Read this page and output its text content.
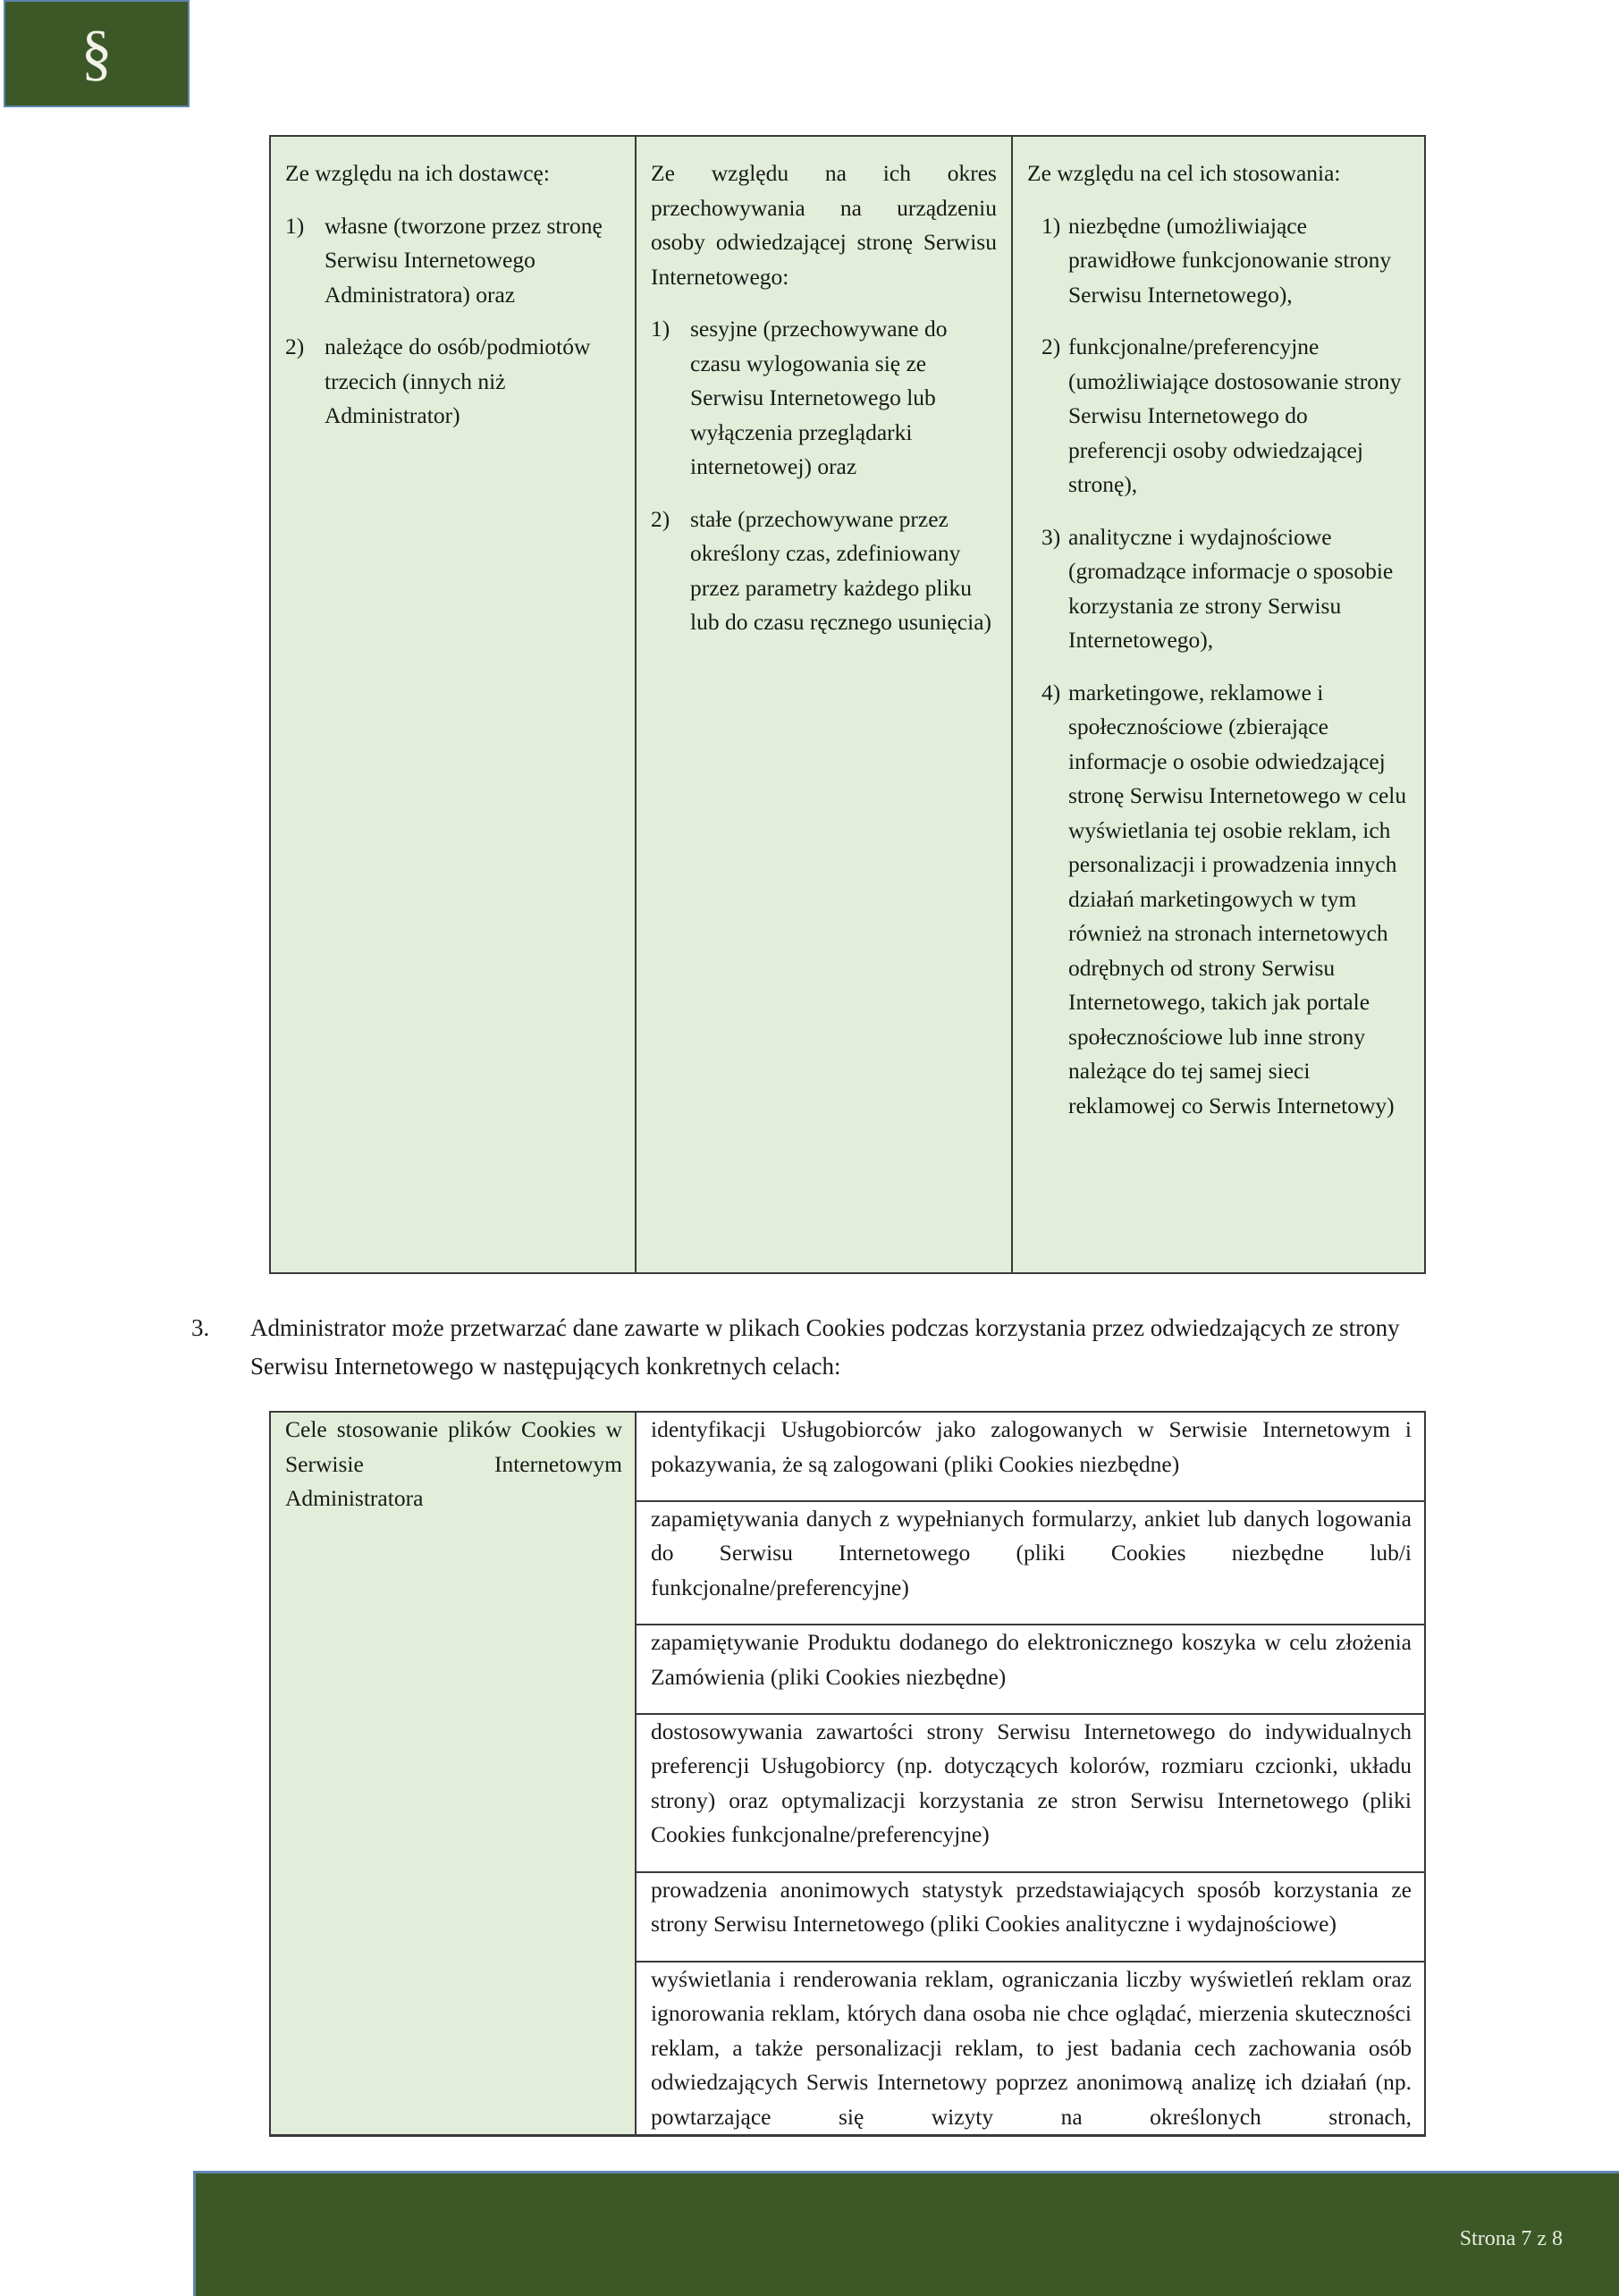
§

Ze względu na ich dostawcę:

1) własne (tworzone przez stronę Serwisu Internetowego Administratora) oraz
2) należące do osób/podmiotów trzecich (innych niż Administrator)

Ze względu na ich okres przechowywania na urządzeniu osoby odwiedzającej stronę Serwisu Internetowego:

1) sesyjne (przechowywane do czasu wylogowania się ze Serwisu Internetowego lub wyłączenia przeglądarki internetowej) oraz
2) stałe (przechowywane przez określony czas, zdefiniowany przez parametry każdego pliku lub do czasu ręcznego usunięcia)

Ze względu na cel ich stosowania:

1) niezbędne (umożliwiające prawidłowe funkcjonowanie strony Serwisu Internetowego),
2) funkcjonalne/preferencyjne (umożliwiające dostosowanie strony Serwisu Internetowego do preferencji osoby odwiedzającej stronę),
3) analityczne i wydajnościowe (gromadzące informacje o sposobie korzystania ze strony Serwisu Internetowego),
4) marketingowe, reklamowe i społecznościowe (zbierające informacje o osobie odwiedzającej stronę Serwisu Internetowego w celu wyświetlania tej osobie reklam, ich personalizacji i prowadzenia innych działań marketingowych w tym również na stronach internetowych odrębnych od strony Serwisu Internetowego, takich jak portale społecznościowe lub inne strony należące do tej samej sieci reklamowej co Serwis Internetowy)
3.	Administrator może przetwarzać dane zawarte w plikach Cookies podczas korzystania przez odwiedzających ze strony Serwisu Internetowego w następujących konkretnych celach:
Cele stosowanie plików Cookies w Serwisie Internetowym Administratora
identyfikacji Usługobiorców jako zalogowanych w Serwisie Internetowym i pokazywania, że są zalogowani (pliki Cookies niezbędne)
zapamiętywania danych z wypełnianych formularzy, ankiet lub danych logowania do Serwisu Internetowego (pliki Cookies niezbędne lub/i funkcjonalne/preferencyjne)
zapamiętywanie Produktu dodanego do elektronicznego koszyka w celu złożenia Zamówienia (pliki Cookies niezbędne)
dostosowywania zawartości strony Serwisu Internetowego do indywidualnych preferencji Usługobiorcy (np. dotyczących kolorów, rozmiaru czcionki, układu strony) oraz optymalizacji korzystania ze stron Serwisu Internetowego (pliki Cookies funkcjonalne/preferencyjne)
prowadzenia anonimowych statystyk przedstawiających sposób korzystania ze strony Serwisu Internetowego (pliki Cookies analityczne i wydajnościowe)
wyświetlania i renderowania reklam, ograniczania liczby wyświetleń reklam oraz ignorowania reklam, których dana osoba nie chce oglądać, mierzenia skuteczności reklam, a także personalizacji reklam, to jest badania cech zachowania osób odwiedzających Serwis Internetowy poprzez anonimową analizę ich działań (np. powtarzające się wizyty na określonych stronach,
Strona 7 z 8
